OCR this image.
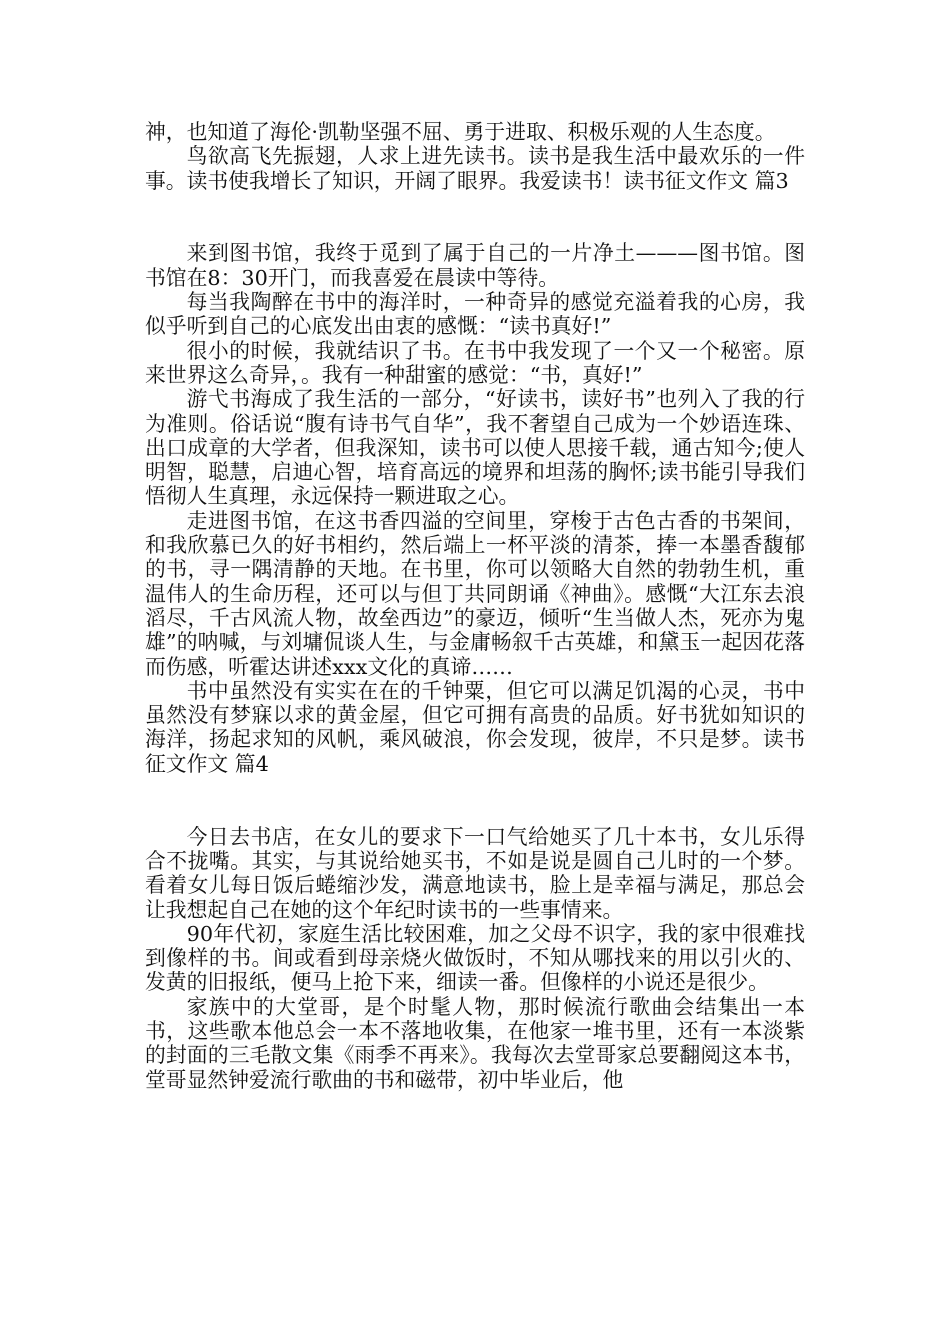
神，也知道了海伦·凯勒坚强不屈、勇于进取、积极乐观的人生态度。

鸟欲高飞先振翅，人求上进先读书。读书是我生活中最欢乐的一件事。读书使我增长了知识，开阔了眼界。我爱读书！读书征文作文 篇3

来到图书馆，我终于觅到了属于自己的一片净土———图书馆。图书馆在8：30开门，而我喜爱在晨读中等待。

每当我陶醉在书中的海洋时，一种奇异的感觉充溢着我的心房，我似乎听到自己的心底发出由衷的感慨：“读书真好!”

很小的时候，我就结识了书。在书中我发现了一个又一个秘密。原来世界这么奇异，。我有一种甜蜜的感觉：“书，真好!”

游弋书海成了我生活的一部分，“好读书，读好书”也列入了我的行为准则。俗话说“腹有诗书气自华”，我不奢望自己成为一个妙语连珠、出口成章的大学者，但我深知，读书可以使人思接千载，通古知今;使人明智，聪慧，启迪心智，培育高远的境界和坦荡的胸怀;读书能引导我们悟彻人生真理，永远保持一颗进取之心。

走进图书馆，在这书香四溢的空间里，穿梭于古色古香的书架间，和我欣慕已久的好书相约，然后端上一杯平淡的清茶，捧一本墨香馥郁的书，寻一隅清静的天地。在书里，你可以领略大自然的勃勃生机，重温伟人的生命历程，还可以与但丁共同朗诵《神曲》。感慨“大江东去浪滔尽，千古风流人物，故垒西边”的豪迈，倾听“生当做人杰，死亦为鬼雄”的呐喊，与刘墉侃谈人生，与金庸畅叙千古英雄，和黛玉一起因花落而伤感，听霍达讲述xxx文化的真谛……

书中虽然没有实实在在的千钟粟，但它可以满足饥渴的心灵，书中虽然没有梦寐以求的黄金屋，但它可拥有高贵的品质。好书犹如知识的海洋，扬起求知的风帆，乘风破浪，你会发现，彼岸，不只是梦。读书征文作文 篇4

今日去书店，在女儿的要求下一口气给她买了几十本书，女儿乐得合不拢嘴。其实，与其说给她买书，不如是说是圆自己儿时的一个梦。看着女儿每日饭后蜷缩沙发，满意地读书，脸上是幸福与满足，那总会让我想起自己在她的这个年纪时读书的一些事情来。

90年代初，家庭生活比较困难，加之父母不识字，我的家中很难找到像样的书。间或看到母亲烧火做饭时，不知从哪找来的用以引火的、发黄的旧报纸，便马上抢下来，细读一番。但像样的小说还是很少。

家族中的大堂哥，是个时髦人物，那时候流行歌曲会结集出一本书，这些歌本他总会一本不落地收集，在他家一堆书里，还有一本淡紫的封面的三毛散文集《雨季不再来》。我每次去堂哥家总要翻阅这本书，堂哥显然钟爱流行歌曲的书和磁带，初中毕业后，他
